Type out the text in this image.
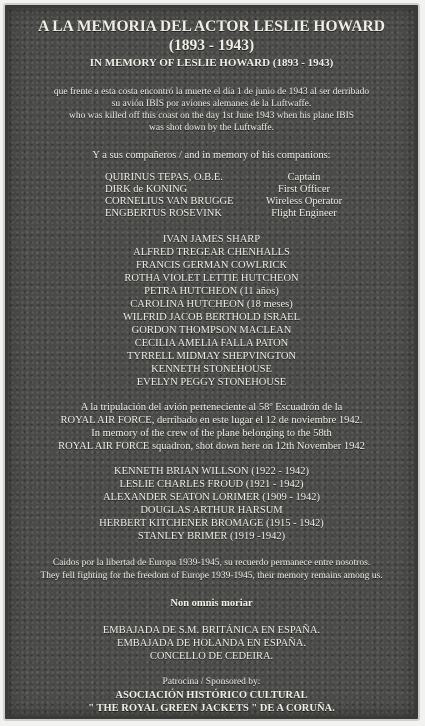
A LA MEMORIA DEL ACTOR LESLIE HOWARD
(1893 - 1943)
IN MEMORY OF LESLIE HOWARD (1893 - 1943)
que frente a esta costa encontró la muerte el día 1 de junio de 1943 al ser derribado
su avión IBIS por aviones alemanes de la Luftwaffe.
who was killed off this coast on the day 1st June 1943 when his plane IBIS
was shot down by the Luftwaffe.
Y a sus compañeros / and in memory of his companions:
QUIRINUS TEPAS, O.B.E.	Captain
DIRK de KONING	First Officer
CORNELIUS VAN BRUGGE	Wireless Operator
ENGBERTUS ROSEVINK	Flight Engineer
IVAN JAMES SHARP
ALFRED TREGEAR CHENHALLS
FRANCIS GERMAN COWLRICK
ROTHA VIOLET LETTIE HUTCHEON
PETRA HUTCHEON (11 años)
CAROLINA HUTCHEON (18 meses)
WILFRID JACOB BERTHOLD ISRAEL
GORDON THOMPSON MACLEAN
CECILIA AMELIA FALLA PATON
TYRRELL MIDMAY SHEPVINGTON
KENNETH STONEHOUSE
EVELYN PEGGY STONEHOUSE
A la tripulación del avión perteneciente al 58º Escuadrón de la
ROYAL AIR FORCE, derribado en este lugar el 12 de noviembre 1942.
In memory of the crew of the plane belonging to the 58th
ROYAL AIR FORCE squadron, shot down here on 12th November 1942
KENNETH BRIAN WILLSON (1922 - 1942)
LESLIE CHARLES FROUD (1921 - 1942)
ALEXANDER SEATON LORIMER (1909 - 1942)
DOUGLAS ARTHUR HARSUM
HERBERT KITCHENER BROMAGE (1915 - 1942)
STANLEY BRIMER (1919 -1942)
Caídos por la libertad de Europa 1939-1945, su recuerdo permanece entre nosotros.
They fell fighting for the freedom of Europe 1939-1945, their memory remains among us.
Non omnis moriar
EMBAJADA DE S.M. BRITÁNICA EN ESPAÑA.
EMBAJADA DE HOLANDA EN ESPAÑA.
CONCELLO DE CEDEIRA.
Patrocina / Sponsored by:
ASOCIACIÓN HISTÓRICO CULTURAL
" THE ROYAL GREEN JACKETS " DE A CORUÑA.
